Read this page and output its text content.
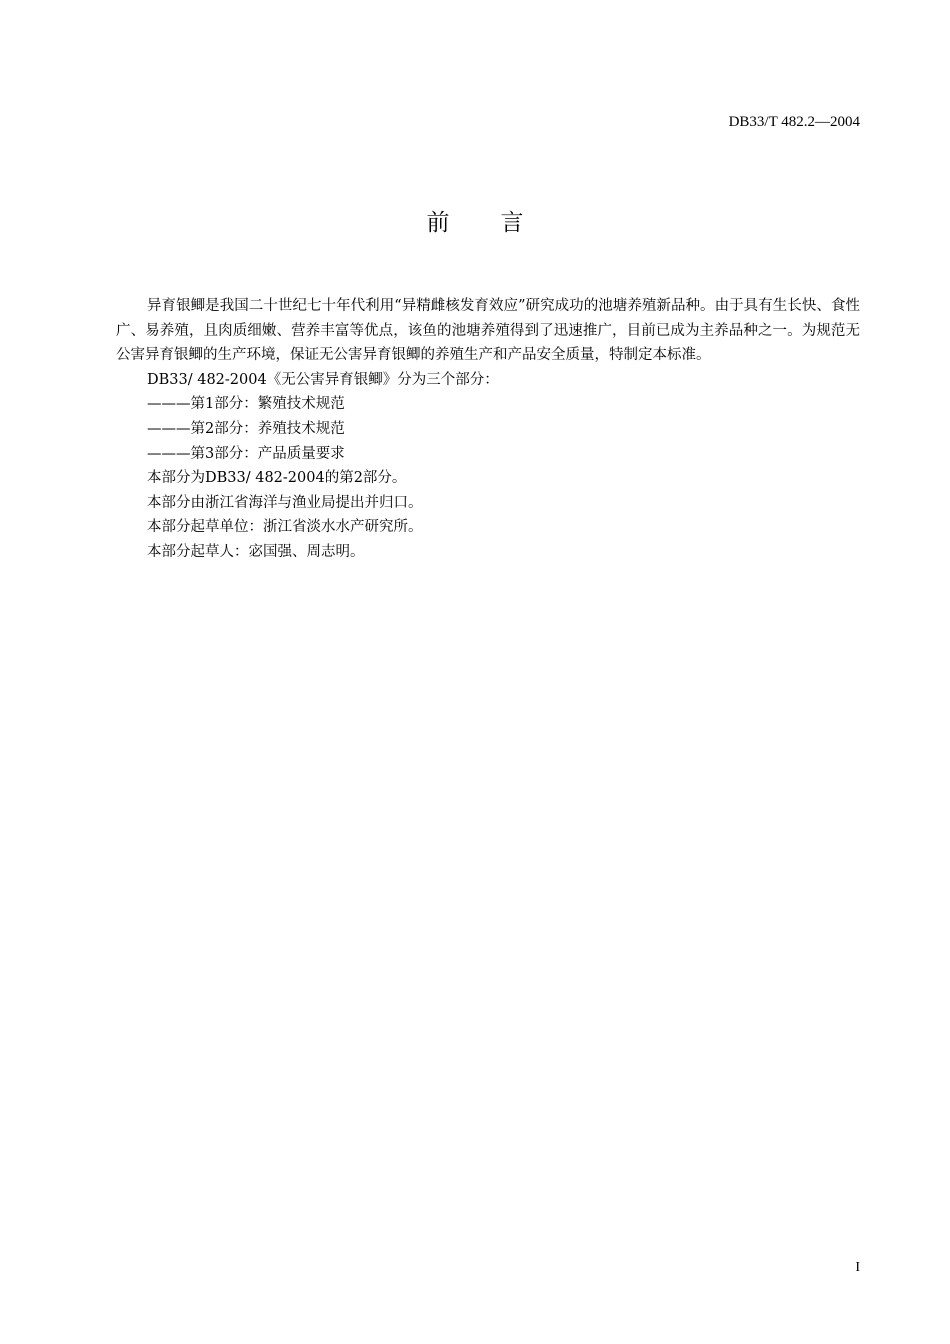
DB33/T 482.2—2004
前言

异育银鲫是我国二十世纪七十年代利用“异精雌核发育效应”研究成功的池塘养殖新品种。由于具有生长快、食性广、易养殖，且肉质细嫩、营养丰富等优点，该鱼的池塘养殖得到了迅速推广，目前已成为主养品种之一。为规范无公害异育银鲫的生产环境，保证无公害异育银鲫的养殖生产和产品安全质量，特制定本标准。

DB33/ 482-2004《无公害异育银鲫》分为三个部分：

———第1部分：繁殖技术规范

———第2部分：养殖技术规范

———第3部分：产品质量要求

本部分为DB33/ 482-2004的第2部分。

本部分由浙江省海洋与渔业局提出并归口。

本部分起草单位：浙江省淡水水产研究所。

本部分起草人：宓国强、周志明。

I
